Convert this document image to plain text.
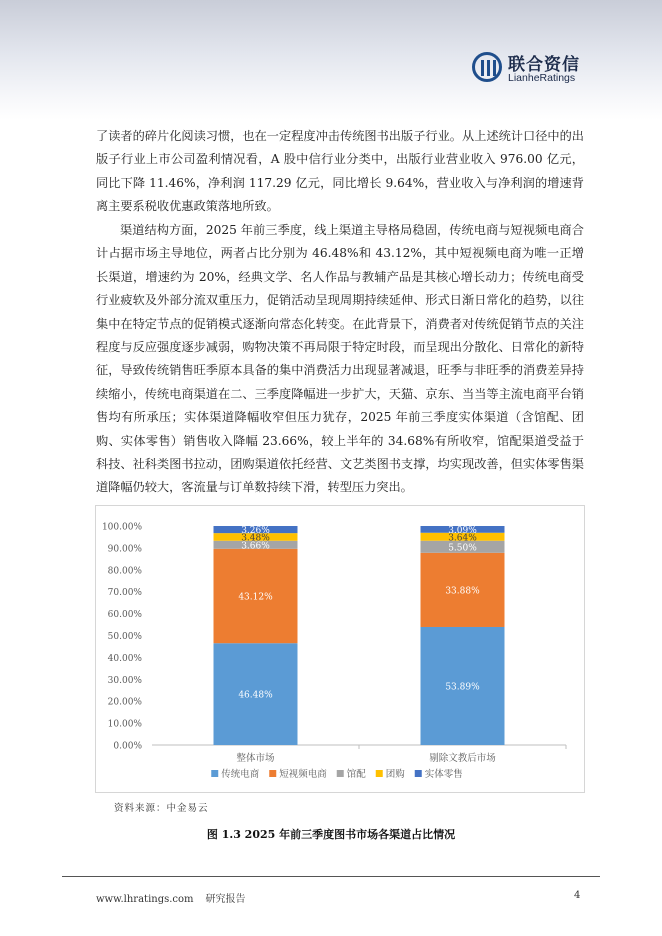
联合资信
LianheRatings
了读者的碎片化阅读习惯，也在一定程度冲击传统图书出版子行业。从上述统计口径中的出版子行业上市公司盈利情况看，A 股中信行业分类中，出版行业营业收入 976.00 亿元，同比下降 11.46%，净利润 117.29 亿元，同比增长 9.64%，营业收入与净利润的增速背离主要系税收优惠政策落地所致。
渠道结构方面，2025 年前三季度，线上渠道主导格局稳固，传统电商与短视频电商合计占据市场主导地位，两者占比分别为 46.48%和 43.12%，其中短视频电商为唯一正增长渠道，增速约为 20%，经典文学、名人作品与教辅产品是其核心增长动力；传统电商受行业疲软及外部分流双重压力，促销活动呈现周期持续延伸、形式日渐日常化的趋势，以往集中在特定节点的促销模式逐渐向常态化转变。在此背景下，消费者对传统促销节点的关注程度与反应强度逐步减弱，购物决策不再局限于特定时段，而呈现出分散化、日常化的新特征，导致传统销售旺季原本具备的集中消费活力出现显著减退，旺季与非旺季的消费差异持续缩小，传统电商渠道在二、三季度降幅进一步扩大，天猫、京东、当当等主流电商平台销售均有所承压；实体渠道降幅收窄但压力犹存，2025 年前三季度实体渠道（含馆配、团购、实体零售）销售收入降幅 23.66%，较上半年的 34.68%有所收窄，馆配渠道受益于科技、社科类图书拉动，团购渠道依托经营、文艺类图书支撑，均实现改善，但实体零售渠道降幅仍较大，客流量与订单数持续下滑，转型压力突出。
0.00%
10.00%
20.00%
30.00%
40.00%
50.00%
60.00%
70.00%
80.00%
90.00%
100.00%
46.48%
43.12%
3.66%
3.48%
3.26%
整体市场
53.89%
33.88%
5.50%
3.64%
3.09%
剔除文教后市场
传统电商 短视频电商 馆配 团购 实体零售
资料来源：中金易云
图 1.3 2025 年前三季度图书市场各渠道占比情况
www.lhratings.com 研究报告	4
